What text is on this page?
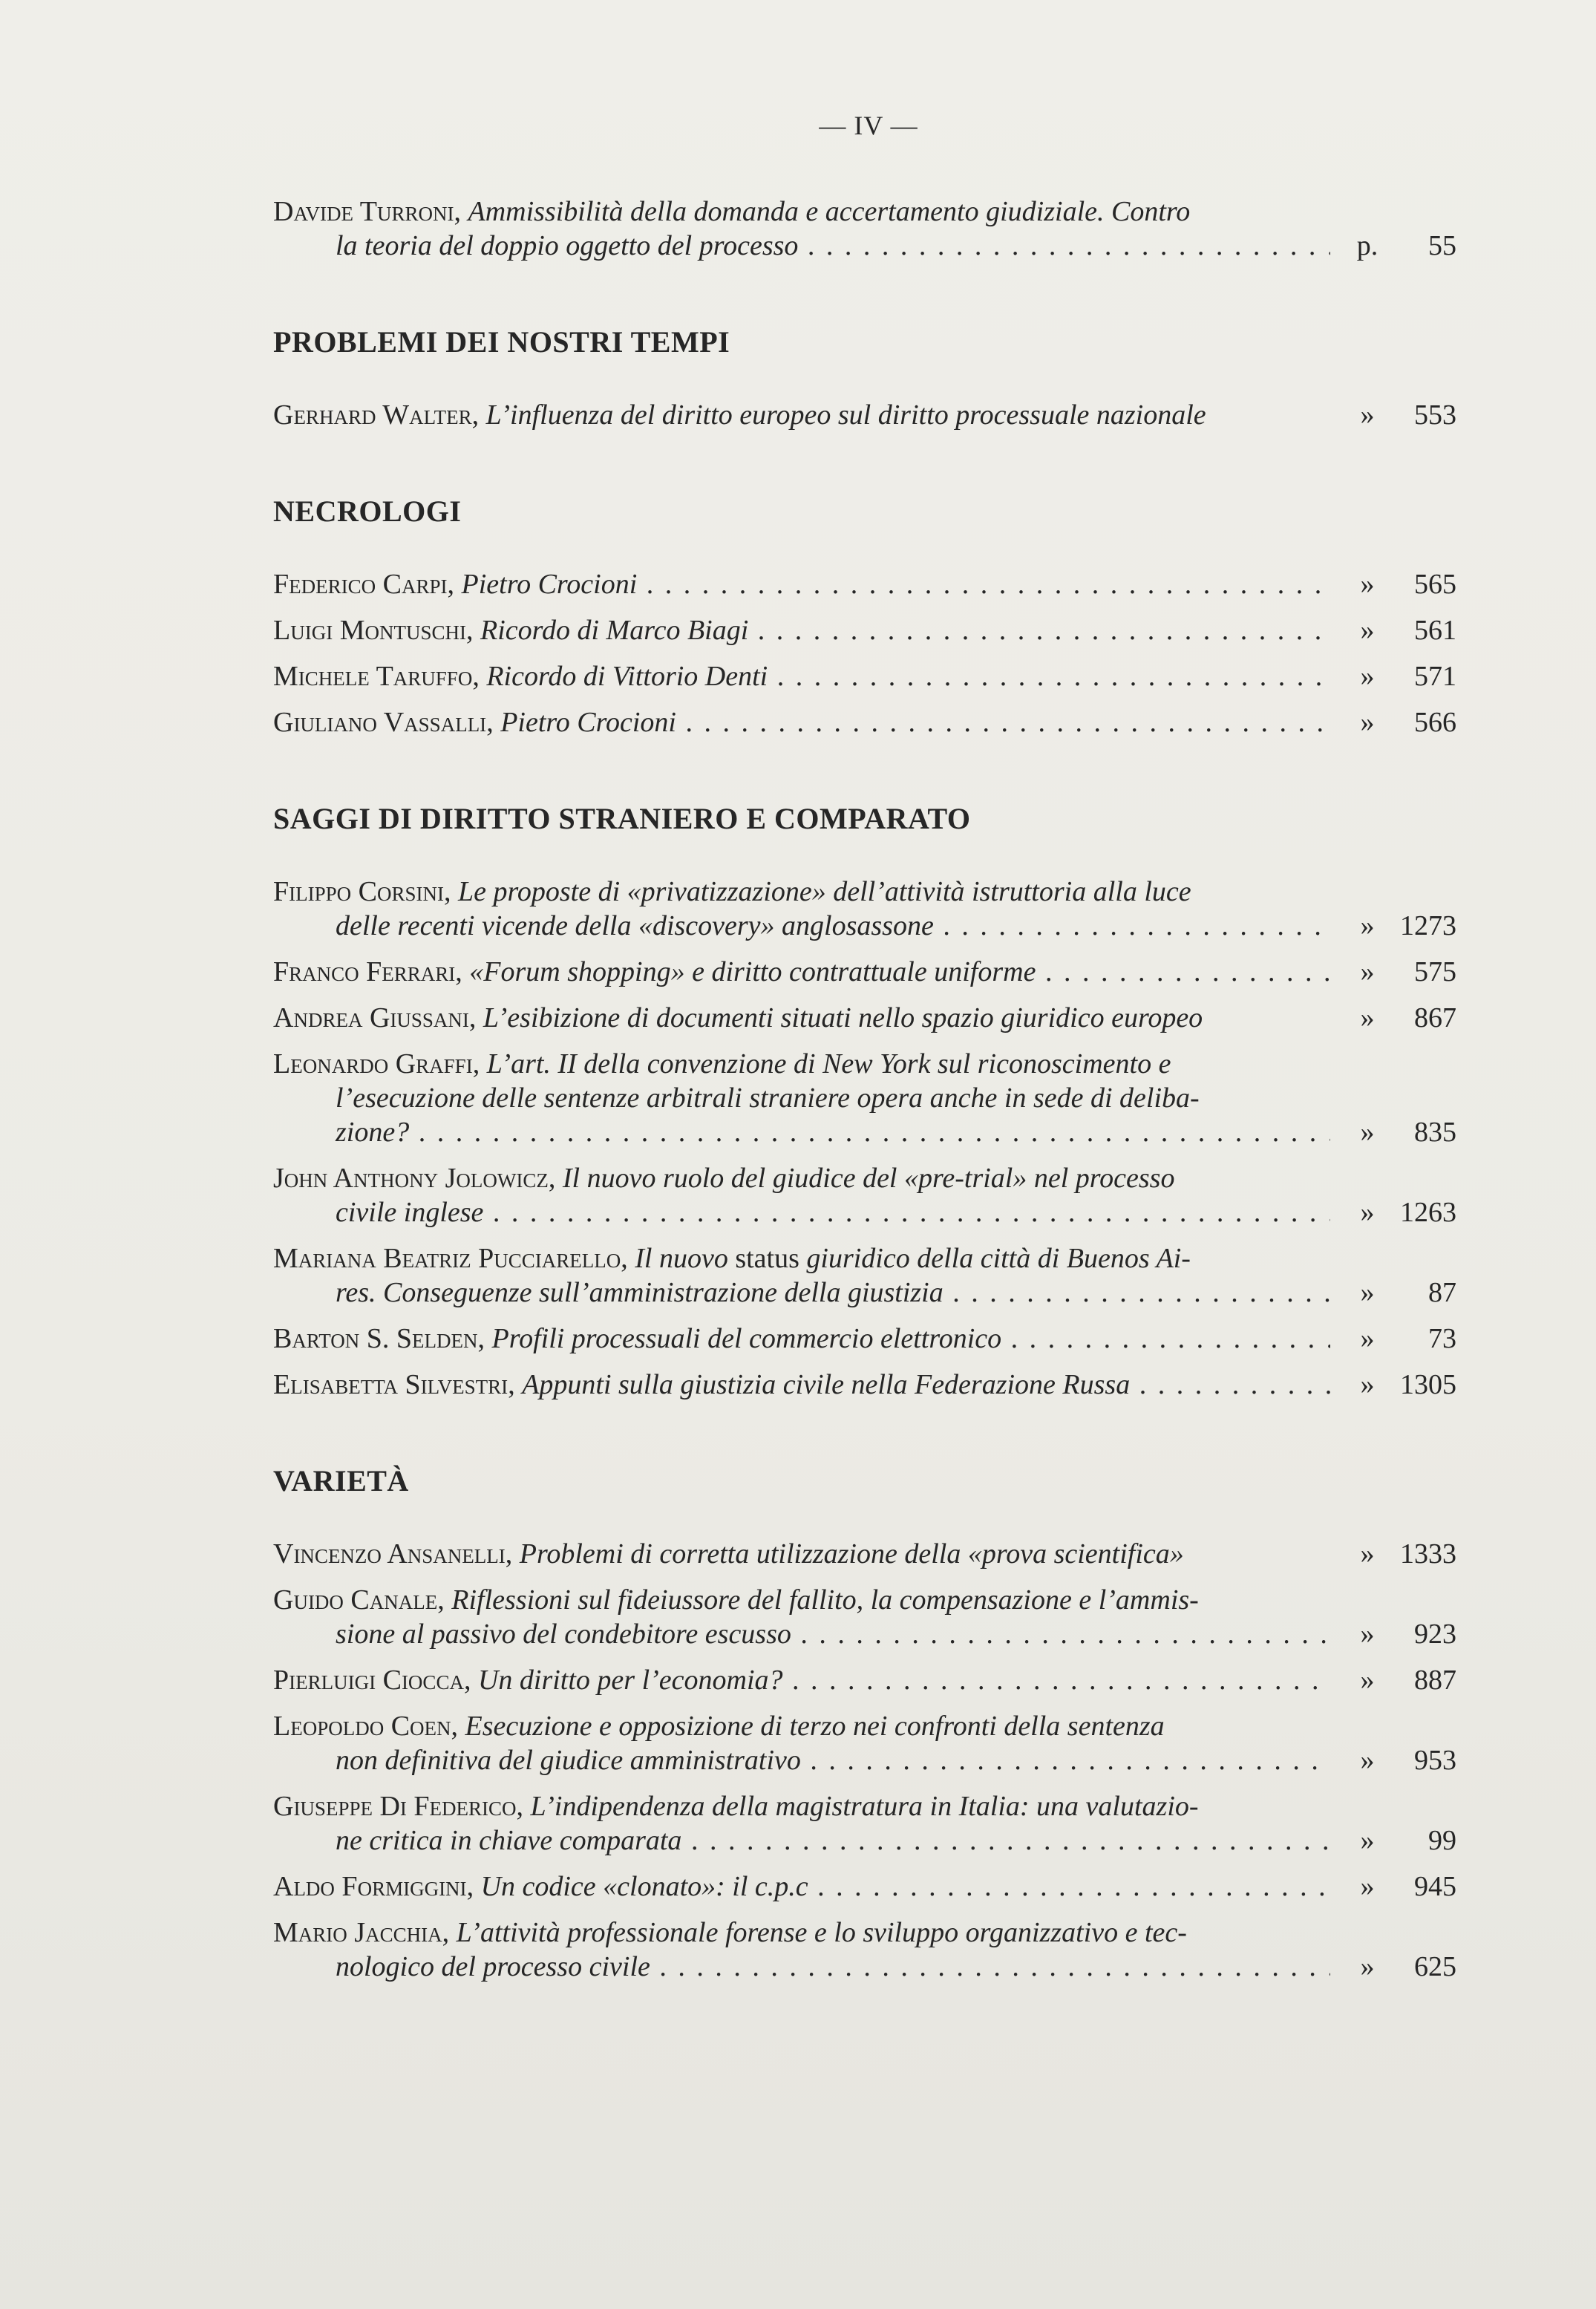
— IV —
Davide Turroni, Ammissibilità della domanda e accertamento giudiziale. Contro
la teoria del doppio oggetto del processo . . .	p.	55
PROBLEMI DEI NOSTRI TEMPI
Gerhard Walter, L’influenza del diritto europeo sul diritto processuale nazionale	»	553
NECROLOGI
Federico Carpi, Pietro Crocioni . . .	»	565
Luigi Montuschi, Ricordo di Marco Biagi . . .	»	561
Michele Taruffo, Ricordo di Vittorio Denti . . .	»	571
Giuliano Vassalli, Pietro Crocioni . . .	»	566
SAGGI DI DIRITTO STRANIERO E COMPARATO
Filippo Corsini, Le proposte di «privatizzazione» dell’attività istruttoria alla luce
delle recenti vicende della «discovery» anglosassone . . .	» 1273
Franco Ferrari, «Forum shopping» e diritto contrattuale uniforme . . .	»	575
Andrea Giussani, L’esibizione di documenti situati nello spazio giuridico europeo	»	867
Leonardo Graffi, L’art. II della convenzione di New York sul riconoscimento e
l’esecuzione delle sentenze arbitrali straniere opera anche in sede di deliba-
zione? . . .	»	835
John Anthony Jolowicz, Il nuovo ruolo del giudice del «pre-trial» nel processo
civile inglese . . .	» 1263
Mariana Beatriz Pucciarello, Il nuovo status giuridico della città di Buenos Ai-
res. Conseguenze sull’amministrazione della giustizia . . .	»	87
Barton S. Selden, Profili processuali del commercio elettronico . . .	»	73
Elisabetta Silvestri, Appunti sulla giustizia civile nella Federazione Russa . . .	» 1305
VARIETÀ
Vincenzo Ansanelli, Problemi di corretta utilizzazione della «prova scientifica»	» 1333
Guido Canale, Riflessioni sul fideiussore del fallito, la compensazione e l’ammis-
sione al passivo del condebitore escusso . . .	»	923
Pierluigi Ciocca, Un diritto per l’economia? . . .	»	887
Leopoldo Coen, Esecuzione e opposizione di terzo nei confronti della sentenza
non definitiva del giudice amministrativo . . .	»	953
Giuseppe Di Federico, L’indipendenza della magistratura in Italia: una valutazio-
ne critica in chiave comparata . . .	»	99
Aldo Formiggini, Un codice «clonato»: il c.p.c . . .	»	945
Mario Jacchia, L’attività professionale forense e lo sviluppo organizzativo e tec-
nologico del processo civile . . .	»	625
